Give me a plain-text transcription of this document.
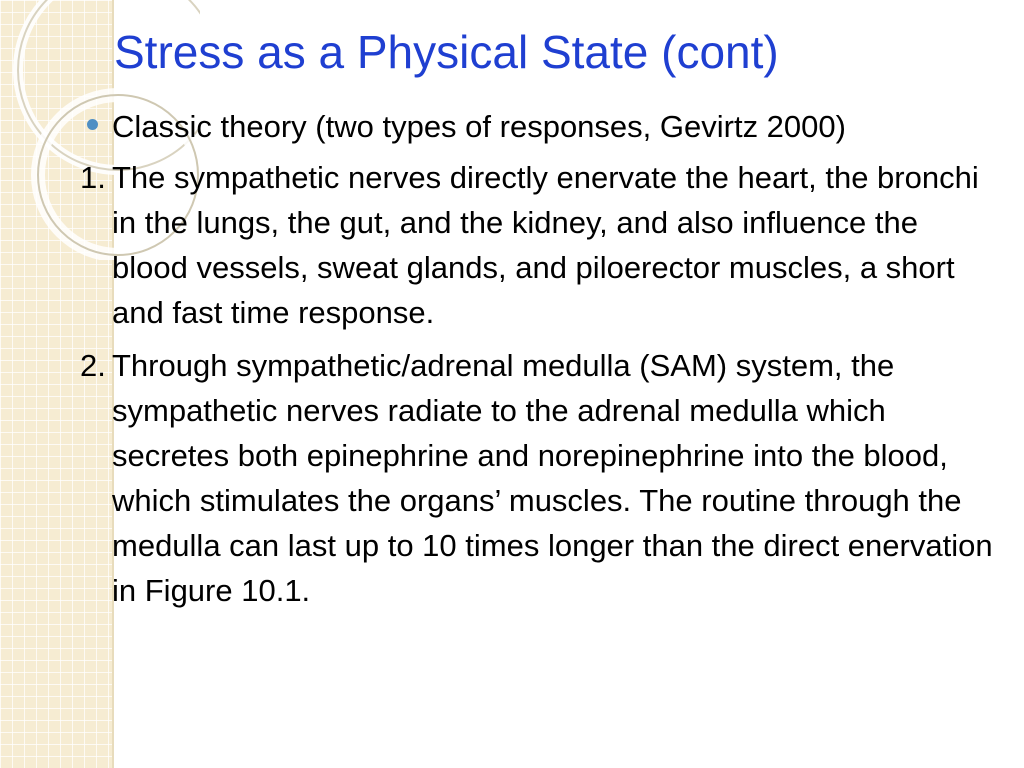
Stress as a Physical State (cont)
Classic theory (two types of responses, Gevirtz 2000)
1. The sympathetic nerves directly enervate the heart, the bronchi in the lungs, the gut, and the kidney, and also influence the blood vessels, sweat glands, and piloerector muscles, a short and fast time response.
2. Through sympathetic/adrenal medulla (SAM) system, the sympathetic nerves radiate to the adrenal medulla which secretes both epinephrine and norepinephrine into the blood, which stimulates the organs’ muscles. The routine through the medulla can last up to 10 times longer than the direct enervation in Figure 10.1.
